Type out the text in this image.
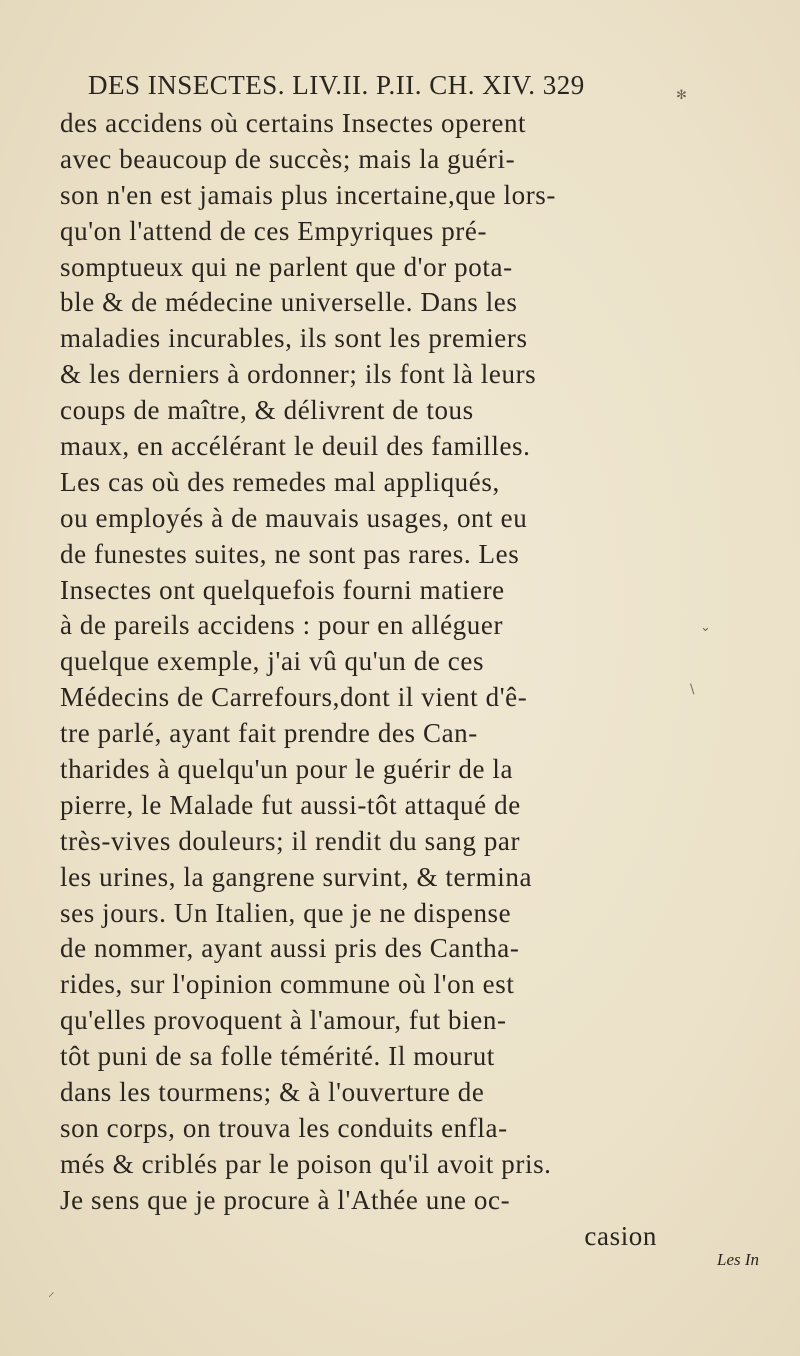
DES INSECTES. LIV.II. P.II. CH. XIV. 329
des accidens où certains Insectes operent
avec beaucoup de succès; mais la guéri-
son n'en est jamais plus incertaine,que lors-
qu'on l'attend de ces Empyriques pré-
somptueux qui ne parlent que d'or pota-
ble & de médecine universelle. Dans les
maladies incurables, ils sont les premiers
& les derniers à ordonner; ils font là leurs
coups de maître, & délivrent de tous
maux, en accélérant le deuil des familles.
Les cas où des remedes mal appliqués,
ou employés à de mauvais usages, ont eu
de funestes suites, ne sont pas rares. Les
Insectes ont quelquefois fourni matiere
à de pareils accidens : pour en alléguer
quelque exemple, j'ai vû qu'un de ces
Médecins de Carrefours,dont il vient d'ê-
tre parlé, ayant fait prendre des Can-
tharides à quelqu'un pour le guérir de la
pierre, le Malade fut aussi-tôt attaqué de
très-vives douleurs; il rendit du sang par
les urines, la gangrene survint, & termina
ses jours. Un Italien, que je ne dispense
de nommer, ayant aussi pris des Cantha-
rides, sur l'opinion commune où l'on est
qu'elles provoquent à l'amour, fut bien-
tôt puni de sa folle témérité. Il mourut
dans les tourmens; & à l'ouverture de
son corps, on trouva les conduits enfla-
més & criblés par le poison qu'il avoit pris.
Je sens que je procure à l'Athée une oc-
casion
Les In
✻
⌄
\
⸝
